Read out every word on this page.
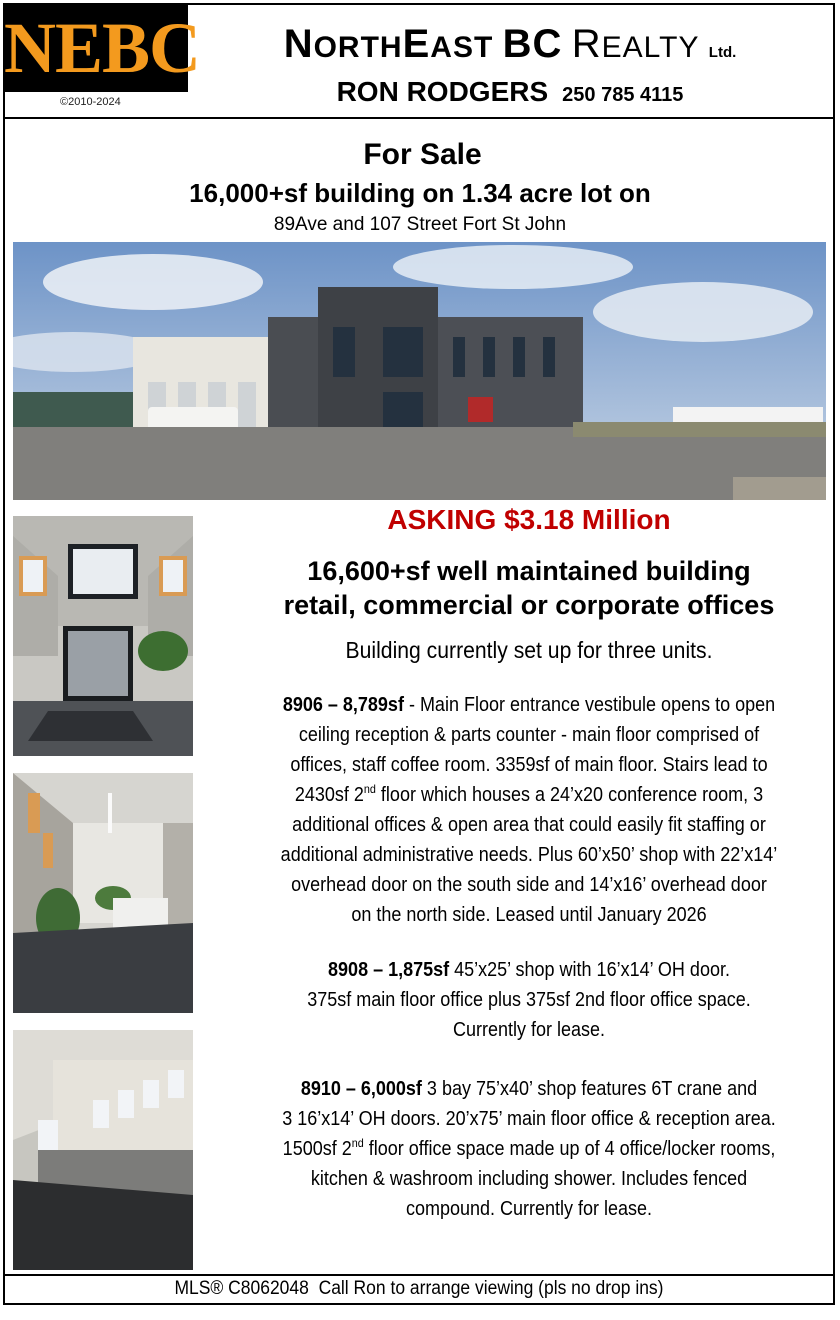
NEBC
©2010-2024
NORTHEAST BC REALTY Ltd.
RON RODGERS 250 785 4115
For Sale
16,000+sf building on 1.34 acre lot on
89Ave and 107 Street Fort St John
ASKING $3.18 Million

16,600+sf well maintained building

retail, commercial or corporate offices

Building currently set up for three units.

8906 – 8,789sf - Main Floor entrance vestibule opens to open

ceiling reception & parts counter - main floor comprised of

offices, staff coffee room. 3359sf of main floor. Stairs lead to

2430sf 2nd floor which houses a 24’x20 conference room, 3

additional offices & open area that could easily fit staffing or

additional administrative needs. Plus 60’x50’ shop with 22’x14’

overhead door on the south side and 14’x16’ overhead door

on the north side. Leased until January 2026

8908 – 1,875sf 45’x25’ shop with 16’x14’ OH door.

375sf main floor office plus 375sf 2nd floor office space.

Currently for lease.

8910 – 6,000sf 3 bay 75’x40’ shop features 6T crane and

3 16’x14’ OH doors. 20’x75’ main floor office & reception area.

1500sf 2nd floor office space made up of 4 office/locker rooms,

kitchen & washroom including shower. Includes fenced

compound. Currently for lease.

MLS® C8062048 Call Ron to arrange viewing (pls no drop ins)
